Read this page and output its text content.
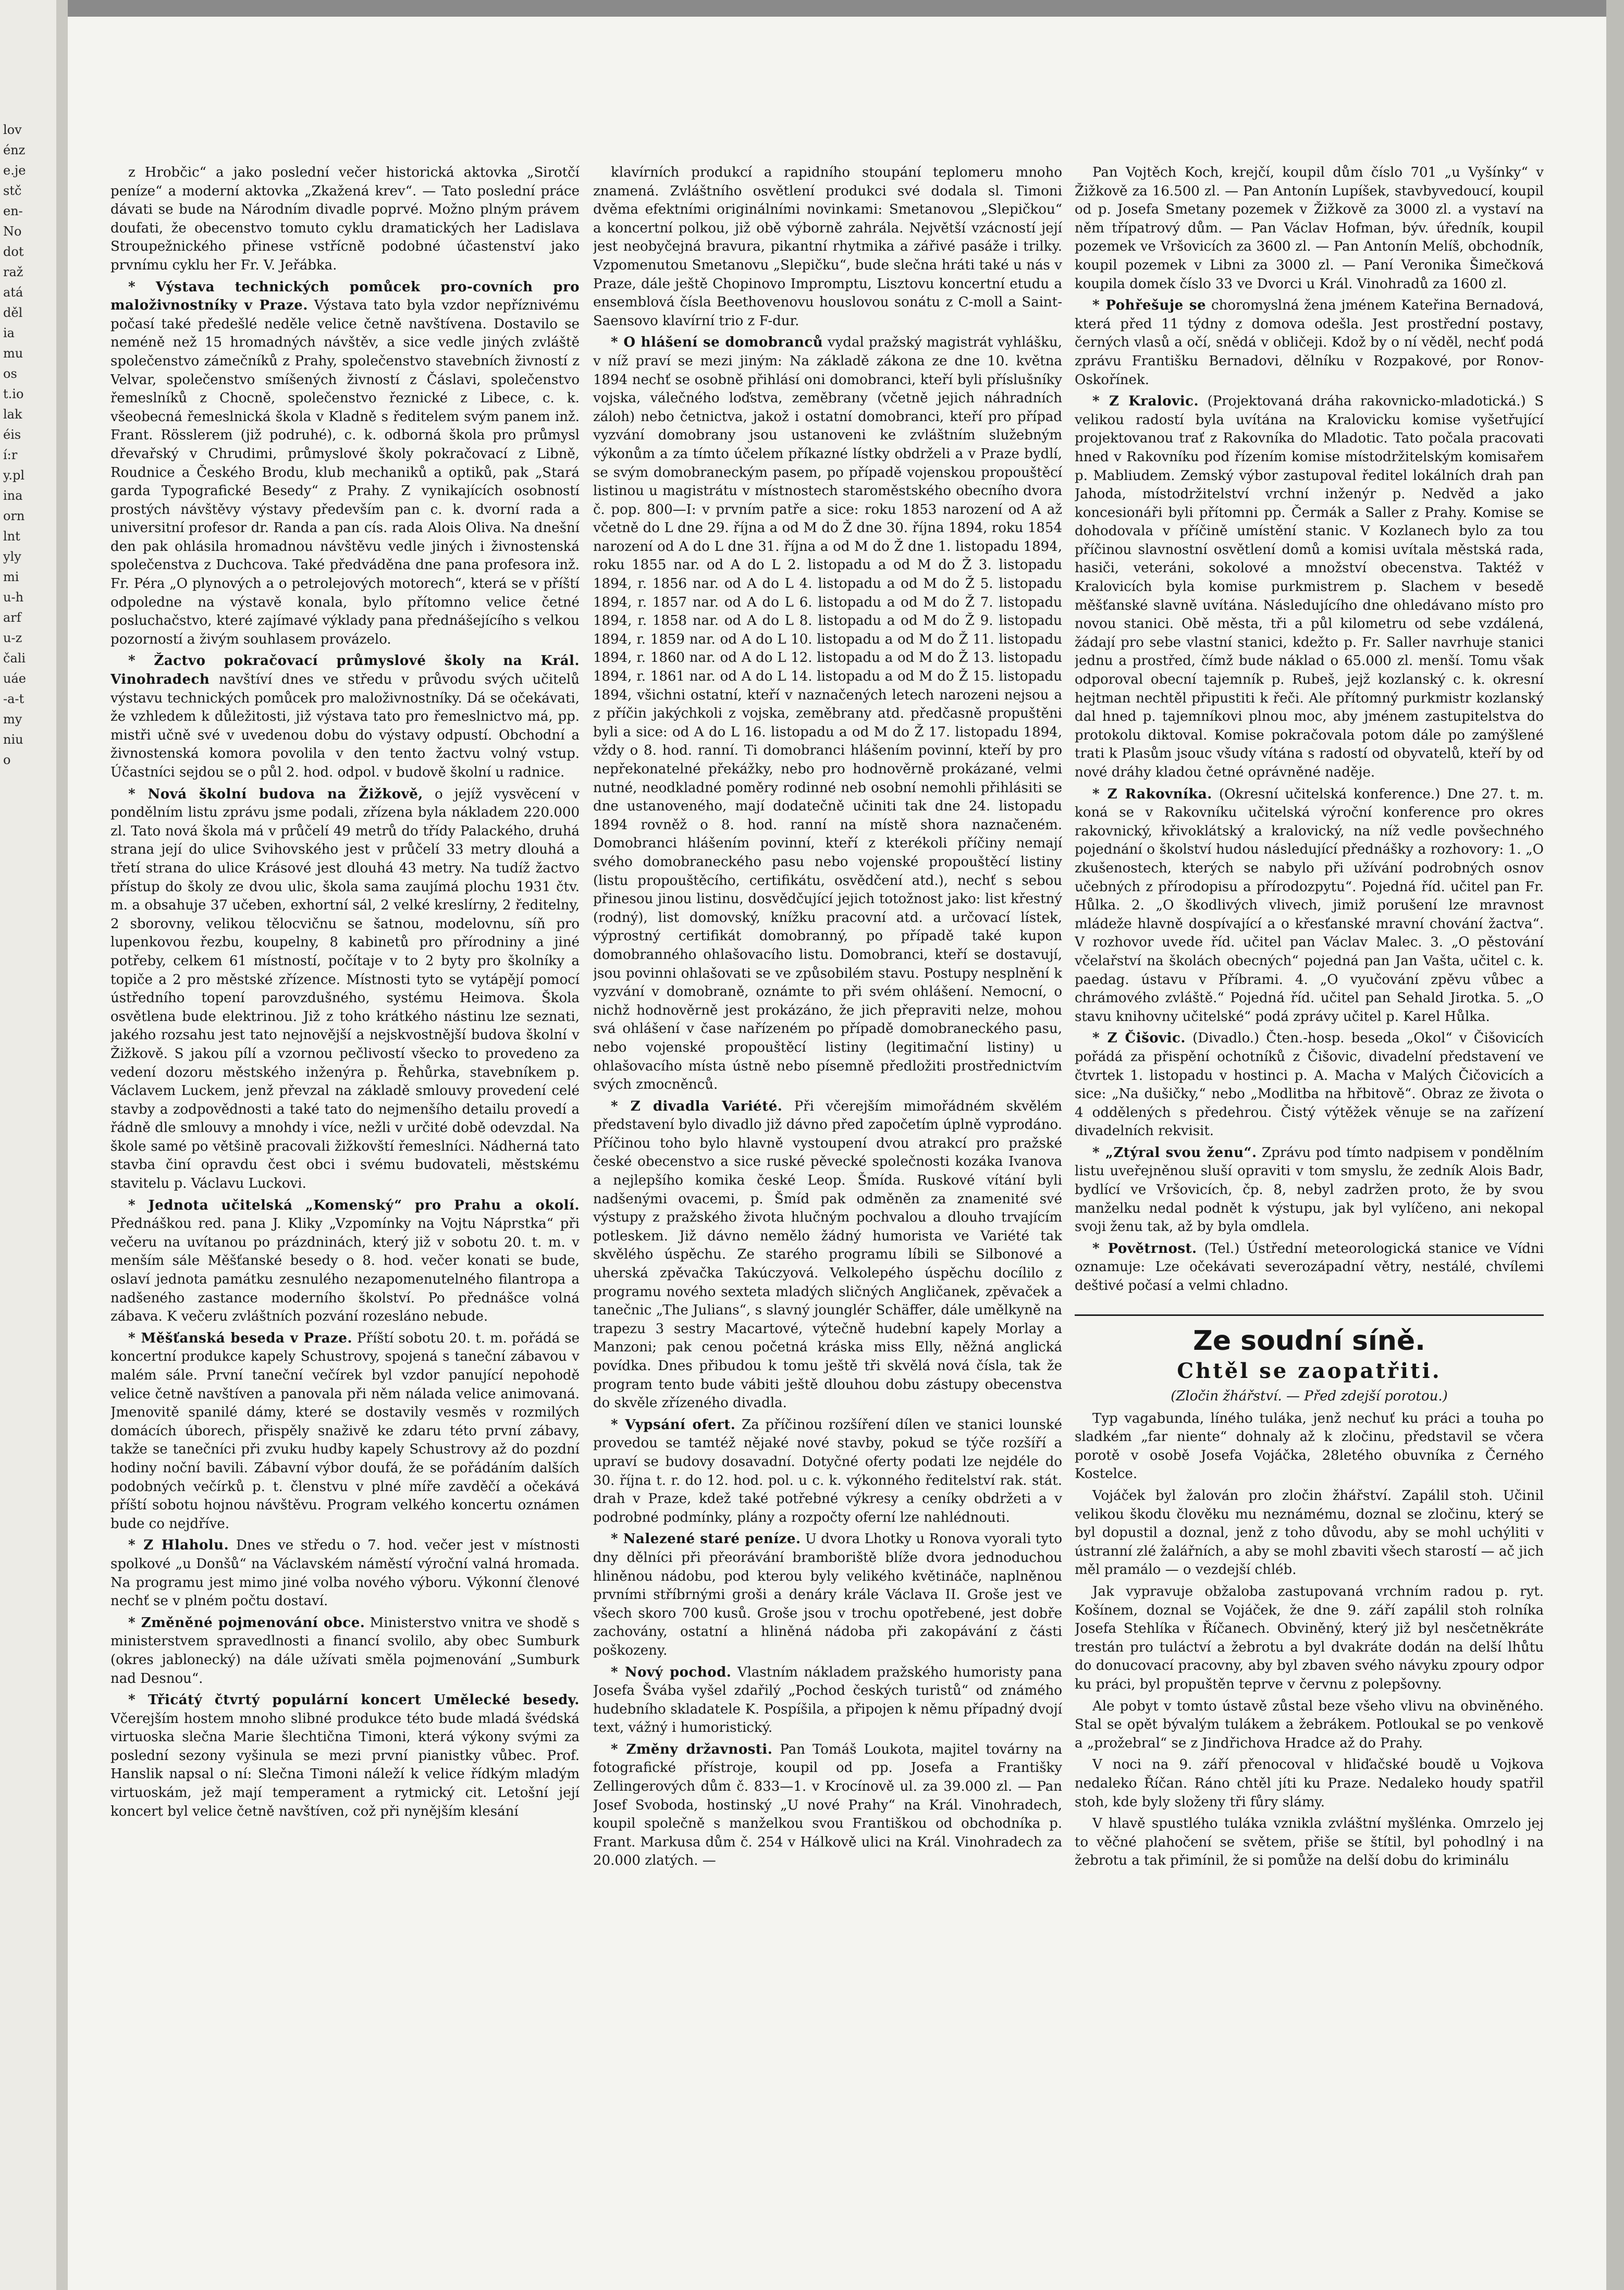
lovénze.jestčen-Nodotražatáděliamuost.iolakéisí:ry.plinaornlntylymiu-harfu-zčaliuáe-a-tmyniuo

z Hrobčic“ a jako poslední večer historická aktovka „Sirotčí peníze“ a moderní aktovka „Zkažená krev“. — Tato poslední práce dávati se bude na Národním divadle poprvé. Možno plným právem doufati, že obecenstvo tomuto cyklu dramatických her Ladislava Stroupežnického přinese vstřícně podobné účastenství jako prvnímu cyklu her Fr. V. Jeřábka.

* Výstava technických pomůcek pro-covních pro maloživnostníky v Praze. Výstava tato byla vzdor nepříznivému počasí také předešlé neděle velice četně navštívena. Dostavilo se neméně než 15 hromadných návštěv, a sice vedle jiných zvláště společenstvo zámečníků z Prahy, společenstvo stavebních živností z Velvar, společenstvo smíšených živností z Čáslavi, společenstvo řemeslníků z Chocně, společenstvo řeznické z Libece, c. k. všeobecná řemeslnická škola v Kladně s ředitelem svým panem inž. Frant. Rösslerem (již podruhé), c. k. odborná škola pro průmysl dřevařský v Chrudimi, průmyslové školy pokračovací z Libně, Roudnice a Českého Brodu, klub mechaniků a optiků, pak „Stará garda Typografické Besedy“ z Prahy. Z vynikajících osobností prostých návštěvy výstavy především pan c. k. dvorní rada a universitní profesor dr. Randa a pan cís. rada Alois Oliva. Na dnešní den pak ohlásila hromadnou návštěvu vedle jiných i živnostenská společenstva z Duchcova. Také předváděna dne pana profesora inž. Fr. Péra „O plynových a o petrolejových motorech“, která se v příští odpoledne na výstavě konala, bylo přítomno velice četné posluchačstvo, které zajímavé výklady pana přednášejícího s velkou pozorností a živým souhlasem provázelo.

* Žactvo pokračovací průmyslové školy na Král. Vinohradech navštíví dnes ve středu v průvodu svých učitelů výstavu technických pomůcek pro maloživnostníky. Dá se očekávati, že vzhledem k důležitosti, již výstava tato pro řemeslnictvo má, pp. mistři učně své v uvedenou dobu do výstavy odpustí. Obchodní a živnostenská komora povolila v den tento žactvu volný vstup. Účastníci sejdou se o půl 2. hod. odpol. v budově školní u radnice.

* Nová školní budova na Žižkově, o jejíž vysvěcení v pondělním listu zprávu jsme podali, zřízena byla nákladem 220.000 zl. Tato nová škola má v průčelí 49 metrů do třídy Palackého, druhá strana její do ulice Svihovského jest v průčelí 33 metry dlouhá a třetí strana do ulice Krásové jest dlouhá 43 metry. Na tudíž žactvo přístup do školy ze dvou ulic, škola sama zaujímá plochu 1931 čtv. m. a obsahuje 37 učeben, exhortní sál, 2 velké kreslírny, 2 ředitelny, 2 sborovny, velikou tělocvičnu se šatnou, modelovnu, síň pro lupenkovou řezbu, koupelny, 8 kabinetů pro přírodniny a jiné potřeby, celkem 61 místností, počítaje v to 2 byty pro školníky a topiče a 2 pro městské zřízence. Místnosti tyto se vytápějí pomocí ústředního topení parovzdušného, systému Heimova. Škola osvětlena bude elektrinou. Již z toho krátkého nástinu lze seznati, jakého rozsahu jest tato nejnovější a nejskvostnější budova školní v Žižkově. S jakou pílí a vzornou pečlivostí všecko to provedeno za vedení dozoru městského inženýra p. Řehůrka, stavebníkem p. Václavem Luckem, jenž převzal na základě smlouvy provedení celé stavby a zodpovědnosti a také tato do nejmenšího detailu provedí a řádně dle smlouvy a mnohdy i více, nežli v určité době odevzdal. Na škole samé po většině pracovali žižkovští řemeslníci. Nádherná tato stavba činí opravdu čest obci i svému budovateli, městskému stavitelu p. Václavu Luckovi.

* Jednota učitelská „Komenský“ pro Prahu a okolí. Přednáškou red. pana J. Kliky „Vzpomínky na Vojtu Náprstka“ při večeru na uvítanou po prázdninách, který již v sobotu 20. t. m. v menším sále Měšťanské besedy o 8. hod. večer konati se bude, oslaví jednota památku zesnulého nezapomenutelného filantropa a nadšeného zastance moderního školství. Po přednášce volná zábava. K večeru zvláštních pozvání rozesláno nebude.

* Měšťanská beseda v Praze. Příští sobotu 20. t. m. pořádá se koncertní produkce kapely Schustrovy, spojená s taneční zábavou v malém sále. První taneční večírek byl vzdor panující nepohodě velice četně navštíven a panovala při něm nálada velice animovaná. Jmenovitě spanilé dámy, které se dostavily vesměs v rozmilých domácích úborech, přispěly snaživě ke zdaru této první zábavy, takže se tanečníci při zvuku hudby kapely Schustrovy až do pozdní hodiny noční bavili. Zábavní výbor doufá, že se pořádáním dalších podobných večírků p. t. členstvu v plné míře zavděčí a očekává příští sobotu hojnou návštěvu. Program velkého koncertu oznámen bude co nejdříve.

* Z Hlaholu. Dnes ve středu o 7. hod. večer jest v místnosti spolkové „u Donšů“ na Václavském náměstí výroční valná hromada. Na programu jest mimo jiné volba nového výboru. Výkonní členové nechť se v plném počtu dostaví.

* Změněné pojmenování obce. Ministerstvo vnitra ve shodě s ministerstvem spravedlnosti a financí svolilo, aby obec Sumburk (okres jablonecký) na dále užívati směla pojmenování „Sumburk nad Desnou“.

* Třicátý čtvrtý populární koncert Umělecké besedy. Včerejším hostem mnoho slibné produkce této bude mladá švédská virtuoska slečna Marie šlechtična Timoni, která výkony svými za poslední sezony vyšinula se mezi první pianistky vůbec. Prof. Hanslik napsal o ní: Slečna Timoni náleží k velice řídkým mladým virtuoskám, jež mají temperament a rytmický cit. Letošní její koncert byl velice četně navštíven, což při nynějším klesání

klavírních produkcí a rapidního stoupání teplomeru mnoho znamená. Zvláštního osvětlení produkci své dodala sl. Timoni dvěma efektními originálními novinkami: Smetanovou „Slepičkou“ a koncertní polkou, již obě výborně zahrála. Největší vzácností její jest neobyčejná bravura, pikantní rhytmika a zářivé pasáže i trilky. Vzpomenutou Smetanovu „Slepičku“, bude slečna hráti také u nás v Praze, dále ještě Chopinovo Impromptu, Lisztovu koncertní etudu a ensemblová čísla Beethovenovu houslovou sonátu z C-moll a Saint-Saensovo klavírní trio z F-dur.

* O hlášení se domobranců vydal pražský magistrát vyhlášku, v níž praví se mezi jiným: Na základě zákona ze dne 10. května 1894 nechť se osobně přihlásí oni domobranci, kteří byli příslušníky vojska, válečného loďstva, zeměbrany (včetně jejich náhradních záloh) nebo četnictva, jakož i ostatní domobranci, kteří pro případ vyzvání domobrany jsou ustanoveni ke zvláštním služebným výkonům a za tímto účelem příkazné lístky obdrželi a v Praze bydlí, se svým domobraneckým pasem, po případě vojenskou propouštěcí listinou u magistrátu v místnostech staroměstského obecního dvora č. pop. 800—I: v prvním patře a sice: roku 1853 narození od A až včetně do L dne 29. října a od M do Ž dne 30. října 1894, roku 1854 narození od A do L dne 31. října a od M do Ž dne 1. listopadu 1894, roku 1855 nar. od A do L 2. listopadu a od M do Ž 3. listopadu 1894, r. 1856 nar. od A do L 4. listopadu a od M do Ž 5. listopadu 1894, r. 1857 nar. od A do L 6. listopadu a od M do Ž 7. listopadu 1894, r. 1858 nar. od A do L 8. listopadu a od M do Ž 9. listopadu 1894, r. 1859 nar. od A do L 10. listopadu a od M do Ž 11. listopadu 1894, r. 1860 nar. od A do L 12. listopadu a od M do Ž 13. listopadu 1894, r. 1861 nar. od A do L 14. listopadu a od M do Ž 15. listopadu 1894, všichni ostatní, kteří v naznačených letech narozeni nejsou a z příčin jakýchkoli z vojska, zeměbrany atd. předčasně propuštěni byli a sice: od A do L 16. listopadu a od M do Ž 17. listopadu 1894, vždy o 8. hod. ranní. Ti domobranci hlášením povinní, kteří by pro nepřekonatelné překážky, nebo pro hodnověrně prokázané, velmi nutné, neodkladné poměry rodinné neb osobní nemohli přihlásiti se dne ustanoveného, mají dodatečně učiniti tak dne 24. listopadu 1894 rovněž o 8. hod. ranní na místě shora naznačeném. Domobranci hlášením povinní, kteří z kterékoli příčiny nemají svého domobraneckého pasu nebo vojenské propouštěcí listiny (listu propouštěcího, certifikátu, osvědčení atd.), nechť s sebou přinesou jinou listinu, dosvědčující jejich totožnost jako: list křestný (rodný), list domovský, knížku pracovní atd. a určovací lístek, výprostný certifikát domobranný, po případě také kupon domobranného ohlašovacího listu. Domobranci, kteří se dostavují, jsou povinni ohlašovati se ve způsobilém stavu. Postupy nesplnění k vyzvání v domobraně, oznámte to při svém ohlášení. Nemocní, o nichž hodnověrně jest prokázáno, že jich přepraviti nelze, mohou svá ohlášení v čase nařízeném po případě domobraneckého pasu, nebo vojenské propouštěcí listiny (legitimační listiny) u ohlašovacího místa ústně nebo písemně předložiti prostřednictvím svých zmocněnců.

* Z divadla Variété. Při včerejším mimořádném skvělém představení bylo divadlo již dávno před započetím úplně vyprodáno. Příčinou toho bylo hlavně vystoupení dvou atrakcí pro pražské české obecenstvo a sice ruské pěvecké společnosti kozáka Ivanova a nejlepšího komika české Leop. Šmída. Ruskové vítání byli nadšenými ovacemi, p. Šmíd pak odměněn za znamenité své výstupy z pražského života hlučným pochvalou a dlouho trvajícím potleskem. Již dávno nemělo žádný humorista ve Variété tak skvělého úspěchu. Ze starého programu líbili se Silbonové a uherská zpěvačka Takúczyová. Velkolepého úspěchu docílilo z programu nového sexteta mladých sličných Angličanek, zpěvaček a tanečnic „The Julians“, s slavný jounglér Schäffer, dále umělkyně na trapezu 3 sestry Macartové, výtečně hudební kapely Morlay a Manzoni; pak cenou početná kráska miss Elly, něžná anglická povídka. Dnes přibudou k tomu ještě tři skvělá nová čísla, tak že program tento bude vábiti ještě dlouhou dobu zástupy obecenstva do skvěle zřízeného divadla.

* Vypsání ofert. Za příčinou rozšíření dílen ve stanici lounské provedou se tamtéž nějaké nové stavby, pokud se týče rozšíří a upraví se budovy dosavadní. Dotyčné oferty podati lze nejdéle do 30. října t. r. do 12. hod. pol. u c. k. výkonného ředitelství rak. stát. drah v Praze, kdež také potřebné výkresy a ceníky obdržeti a v podrobné podmínky, plány a rozpočty oferní lze nahlédnouti.

* Nalezené staré peníze. U dvora Lhotky u Ronova vyorali tyto dny dělníci při přeorávání bramboriště blíže dvora jednoduchou hliněnou nádobu, pod kterou byly velikého květináče, naplněnou prvními stříbrnými groši a denáry krále Václava II. Groše jest ve všech skoro 700 kusů. Groše jsou v trochu opotřebené, jest dobře zachovány, ostatní a hliněná nádoba při zakopávání z části poškozeny.

* Nový pochod. Vlastním nákladem pražského humoristy pana Josefa Švába vyšel zdařilý „Pochod českých turistů“ od známého hudebního skladatele K. Pospíšila, a připojen k němu případný dvojí text, vážný i humoristický.

* Změny državnosti. Pan Tomáš Loukota, majitel továrny na fotografické přístroje, koupil od pp. Josefa a Františky Zellingerových dům č. 833—1. v Krocínově ul. za 39.000 zl. — Pan Josef Svoboda, hostinský „U nové Prahy“ na Král. Vinohradech, koupil společně s manželkou svou Františkou od obchodníka p. Frant. Markusa dům č. 254 v Hálkově ulici na Král. Vinohradech za 20.000 zlatých. —

Pan Vojtěch Koch, krejčí, koupil dům číslo 701 „u Vyšínky“ v Žižkově za 16.500 zl. — Pan Antonín Lupíšek, stavbyvedoucí, koupil od p. Josefa Smetany pozemek v Žižkově za 3000 zl. a vystaví na něm třípatrový dům. — Pan Václav Hofman, býv. úředník, koupil pozemek ve Vršovicích za 3600 zl. — Pan Antonín Melíš, obchodník, koupil pozemek v Libni za 3000 zl. — Paní Veronika Šimečková koupila domek číslo 33 ve Dvorci u Král. Vinohradů za 1600 zl.

* Pohřešuje se choromyslná žena jménem Kateřina Bernadová, která před 11 týdny z domova odešla. Jest prostřední postavy, černých vlasů a očí, snědá v obličeji. Kdož by o ní věděl, nechť podá zprávu Františku Bernadovi, dělníku v Rozpakové, por Ronov-Oskořínek.

* Z Kralovic. (Projektovaná dráha rakovnicko-mladotická.) S velikou radostí byla uvítána na Kralovicku komise vyšetřující projektovanou trať z Rakovníka do Mladotic. Tato počala pracovati hned v Rakovníku pod řízením komise místodržitelským komisařem p. Mabliudem. Zemský výbor zastupoval ředitel lokálních drah pan Jahoda, místodržitelství vrchní inženýr p. Nedvěd a jako koncesionáři byli přítomni pp. Čermák a Saller z Prahy. Komise se dohodovala v příčině umístění stanic. V Kozlanech bylo za tou příčinou slavnostní osvětlení domů a komisi uvítala městská rada, hasiči, veteráni, sokolové a množství obecenstva. Taktéž v Kralovicích byla komise purkmistrem p. Slachem v besedě měšťanské slavně uvítána. Následujícího dne ohledávano místo pro novou stanici. Obě města, tři a půl kilometru od sebe vzdálená, žádají pro sebe vlastní stanici, kdežto p. Fr. Saller navrhuje stanici jednu a prostřed, čímž bude náklad o 65.000 zl. menší. Tomu však odporoval obecní tajemník p. Rubeš, jejž kozlanský c. k. okresní hejtman nechtěl připustiti k řeči. Ale přítomný purkmistr kozlanský dal hned p. tajemníkovi plnou moc, aby jménem zastupitelstva do protokolu diktoval. Komise pokračovala potom dále po zamýšlené trati k Plasům jsouc všudy vítána s radostí od obyvatelů, kteří by od nové dráhy kladou četné oprávněné naděje.

* Z Rakovníka. (Okresní učitelská konference.) Dne 27. t. m. koná se v Rakovníku učitelská výroční konference pro okres rakovnický, křivoklátský a kralovický, na níž vedle povšechného pojednání o školství hudou následující přednášky a rozhovory: 1. „O zkušenostech, kterých se nabylo při užívání podrobných osnov učebných z přírodopisu a přírodozpytu“. Pojedná říd. učitel pan Fr. Hůlka. 2. „O škodlivých vlivech, jimiž porušení lze mravnost mládeže hlavně dospívající a o křesťanské mravní chování žactva“. V rozhovor uvede říd. učitel pan Václav Malec. 3. „O pěstování včelařství na školách obecných“ pojedná pan Jan Vašta, učitel c. k. paedag. ústavu v Příbrami. 4. „O vyučování zpěvu vůbec a chrámového zvláště.“ Pojedná říd. učitel pan Sehald Jirotka. 5. „O stavu knihovny učitelské“ podá zprávy učitel p. Karel Hůlka.

* Z Čišovic. (Divadlo.) Čten.-hosp. beseda „Okol“ v Čišovicích pořádá za přispění ochotníků z Čišovic, divadelní představení ve čtvrtek 1. listopadu v hostinci p. A. Macha v Malých Čičovicích a sice: „Na dušičky,“ nebo „Modlitba na hřbitově“. Obraz ze života o 4 oddělených s předehrou. Čistý výtěžek věnuje se na zařízení divadelních rekvisit.

* „Ztýral svou ženu“. Zprávu pod tímto nadpisem v pondělním listu uveřejněnou sluší opraviti v tom smyslu, že zedník Alois Badr, bydlící ve Vršovicích, čp. 8, nebyl zadržen proto, že by svou manželku nedal podnět k výstupu, jak byl vylíčeno, ani nekopal svoji ženu tak, až by byla omdlela.

* Povětrnost. (Tel.) Ústřední meteorologická stanice ve Vídni oznamuje: Lze očekávati severozápadní větry, nestálé, chvílemi deštivé počasí a velmi chladno.

Ze soudní síně.
Chtěl se zaopatřiti.
(Zločin žhářství. — Před zdejší porotou.)

Typ vagabunda, líného tuláka, jenž nechuť ku práci a touha po sladkém „far niente“ dohnaly až k zločinu, představil se včera porotě v osobě Josefa Vojáčka, 28letého obuvníka z Černého Kostelce.

Vojáček byl žalován pro zločin žhářství. Zapálil stoh. Učinil velikou škodu člověku mu neznámému, doznal se zločinu, který se byl dopustil a doznal, jenž z toho důvodu, aby se mohl uchýliti v ústranní zlé žalářních, a aby se mohl zbaviti všech starostí — ač jich měl pramálo — o vezdejší chléb.

Jak vypravuje obžaloba zastupovaná vrchním radou p. ryt. Košínem, doznal se Vojáček, že dne 9. září zapálil stoh rolníka Josefa Stehlíka v Říčanech. Obviněný, který již byl nesčetněkráte trestán pro tuláctví a žebrotu a byl dvakráte dodán na delší lhůtu do donucovací pracovny, aby byl zbaven svého návyku zpoury odpor ku práci, byl propuštěn teprve v červnu z polepšovny.

Ale pobyt v tomto ústavě zůstal beze všeho vlivu na obviněného. Stal se opět bývalým tulákem a žebrákem. Potloukal se po venkově a „prožebral“ se z Jindřichova Hradce až do Prahy.

V noci na 9. září přenocoval v hliďačské boudě u Vojkova nedaleko Říčan. Ráno chtěl jíti ku Praze. Nedaleko houdy spatřil stoh, kde byly složeny tři fůry slámy.

V hlavě spustlého tuláka vznikla zvláštní myšlénka. Omrzelo jej to věčné plahočení se světem, přiše se štítil, byl pohodlný i na žebrotu a tak přimínil, že si pomůže na delší dobu do kriminálu
